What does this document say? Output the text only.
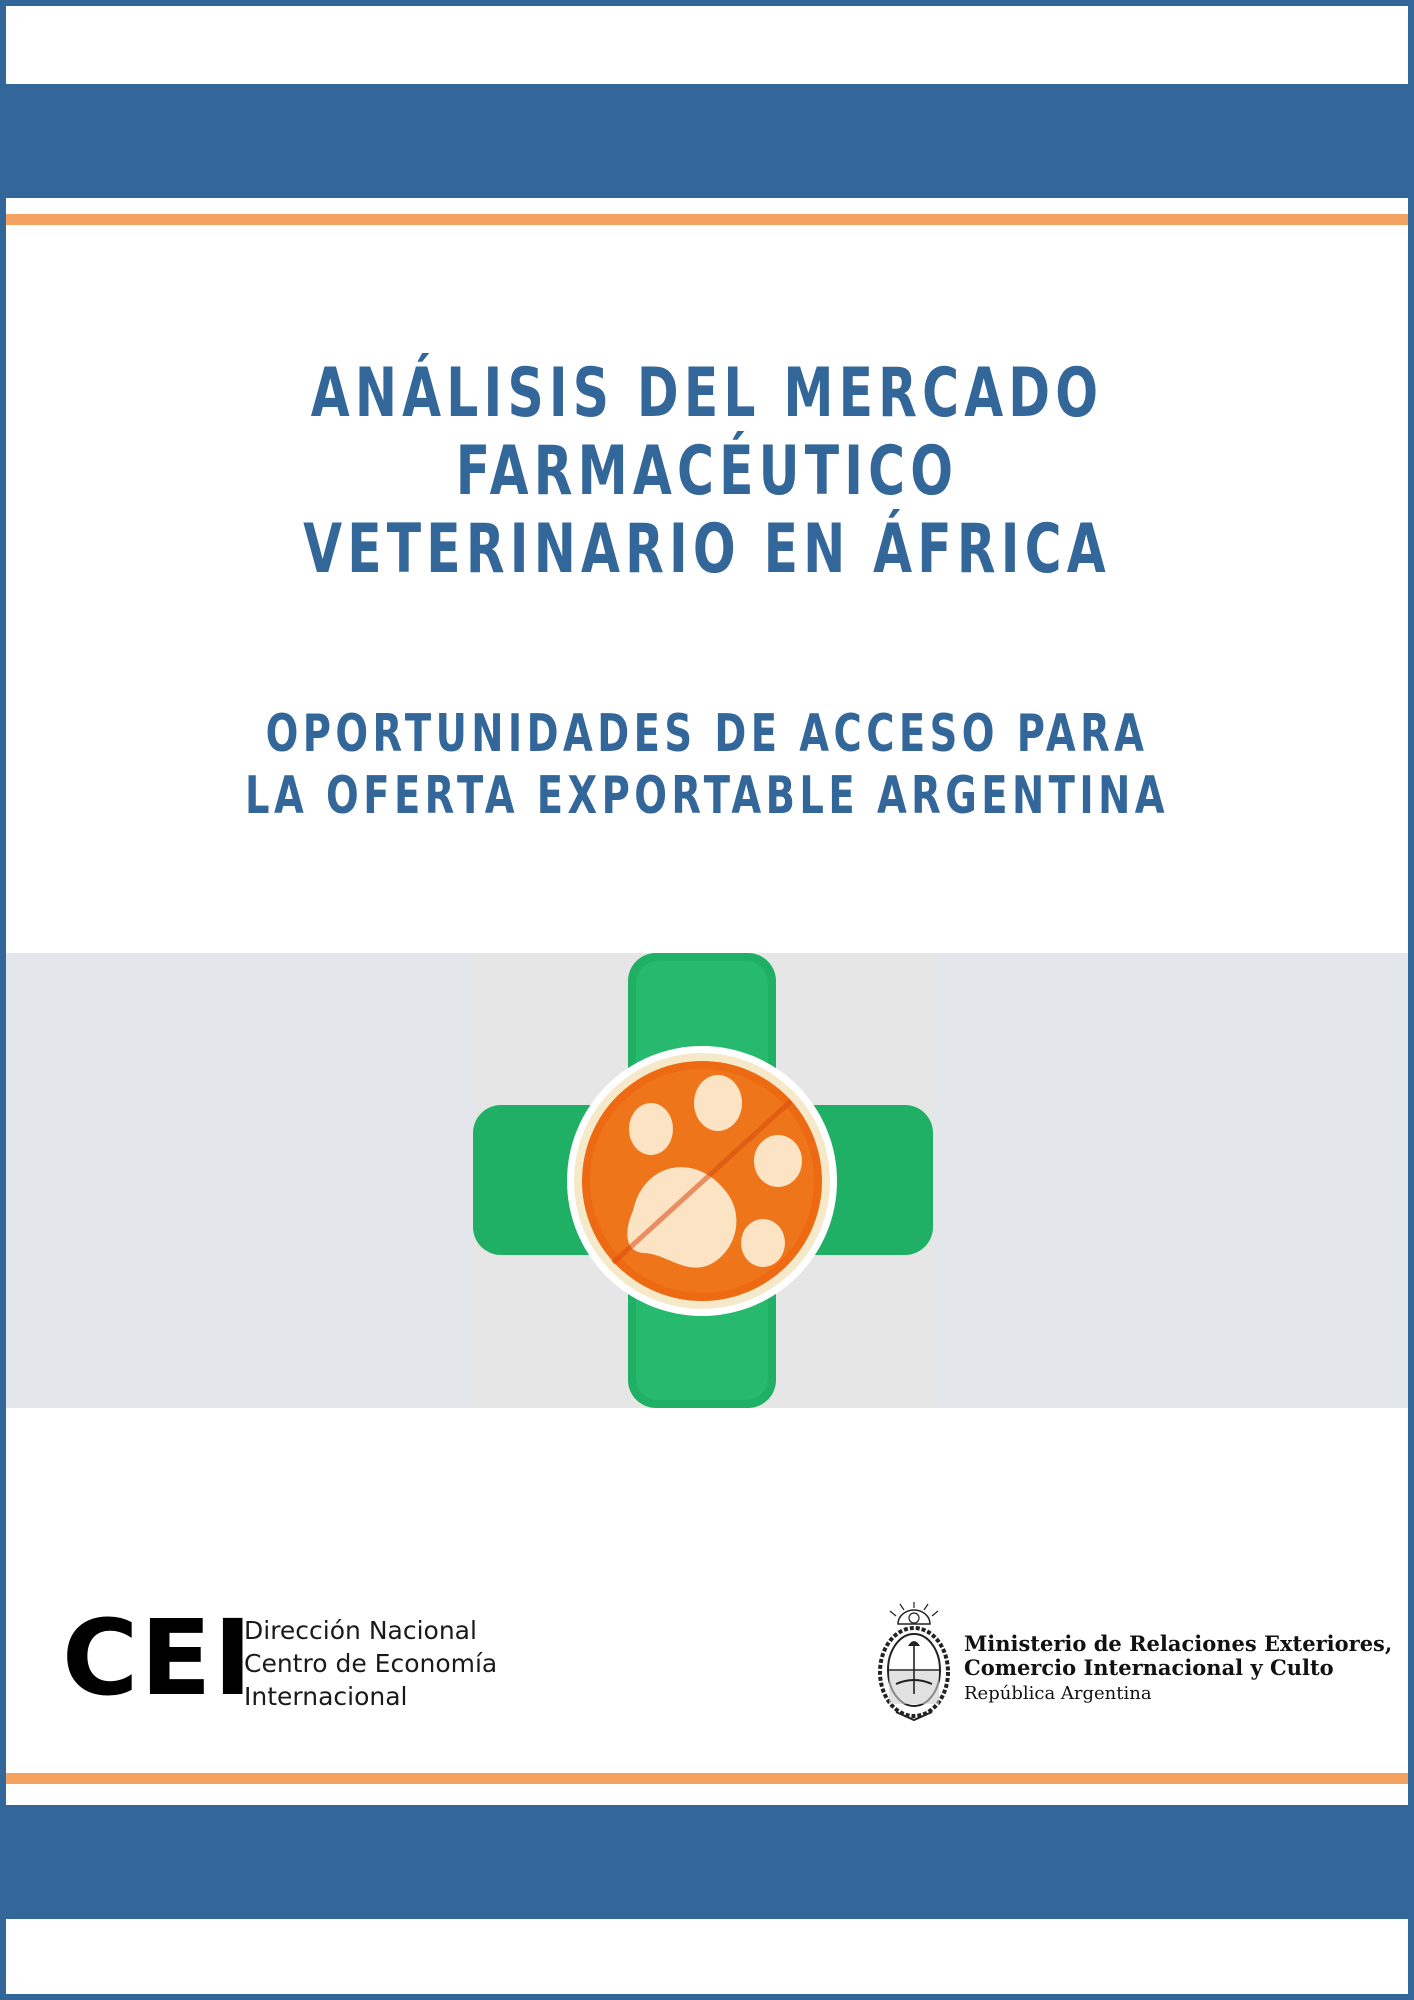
ANÁLISIS DEL MERCADO
FARMACÉUTICO
VETERINARIO EN ÁFRICA
OPORTUNIDADES DE ACCESO PARA
LA OFERTA EXPORTABLE ARGENTINA
CEI
Dirección Nacional
Centro de Economía
Internacional
Ministerio de Relaciones Exteriores,
Comercio Internacional y Culto
República Argentina
